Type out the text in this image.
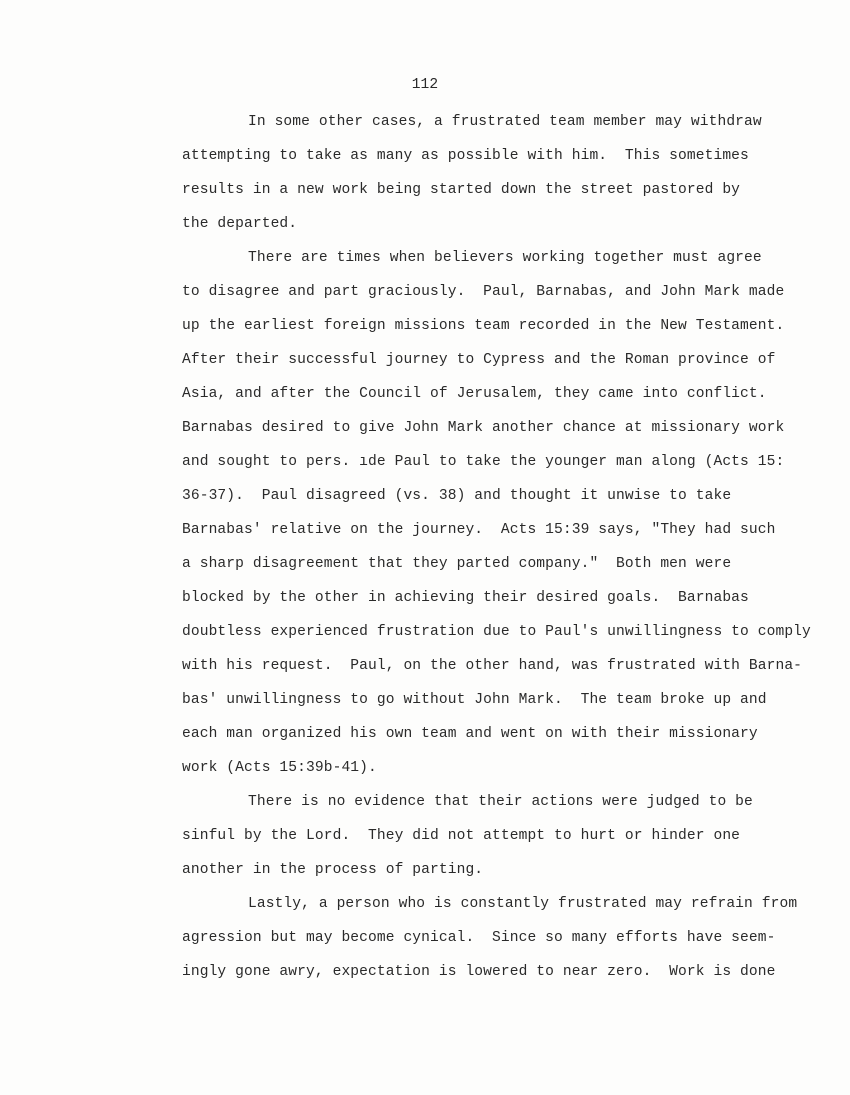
112
In some other cases, a frustrated team member may withdraw
attempting to take as many as possible with him.  This sometimes
results in a new work being started down the street pastored by
the departed.
There are times when believers working together must agree
to disagree and part graciously.  Paul, Barnabas, and John Mark made
up the earliest foreign missions team recorded in the New Testament.
After their successful journey to Cypress and the Roman province of
Asia, and after the Council of Jerusalem, they came into conflict.
Barnabas desired to give John Mark another chance at missionary work
and sought to pers. ıde Paul to take the younger man along (Acts 15:
36-37).  Paul disagreed (vs. 38) and thought it unwise to take
Barnabas' relative on the journey.  Acts 15:39 says, "They had such
a sharp disagreement that they parted company."  Both men were
blocked by the other in achieving their desired goals.  Barnabas
doubtless experienced frustration due to Paul's unwillingness to comply
with his request.  Paul, on the other hand, was frustrated with Barna-
bas' unwillingness to go without John Mark.  The team broke up and
each man organized his own team and went on with their missionary
work (Acts 15:39b-41).
There is no evidence that their actions were judged to be
sinful by the Lord.  They did not attempt to hurt or hinder one
another in the process of parting.
Lastly, a person who is constantly frustrated may refrain from
agression but may become cynical.  Since so many efforts have seem-
ingly gone awry, expectation is lowered to near zero.  Work is done
